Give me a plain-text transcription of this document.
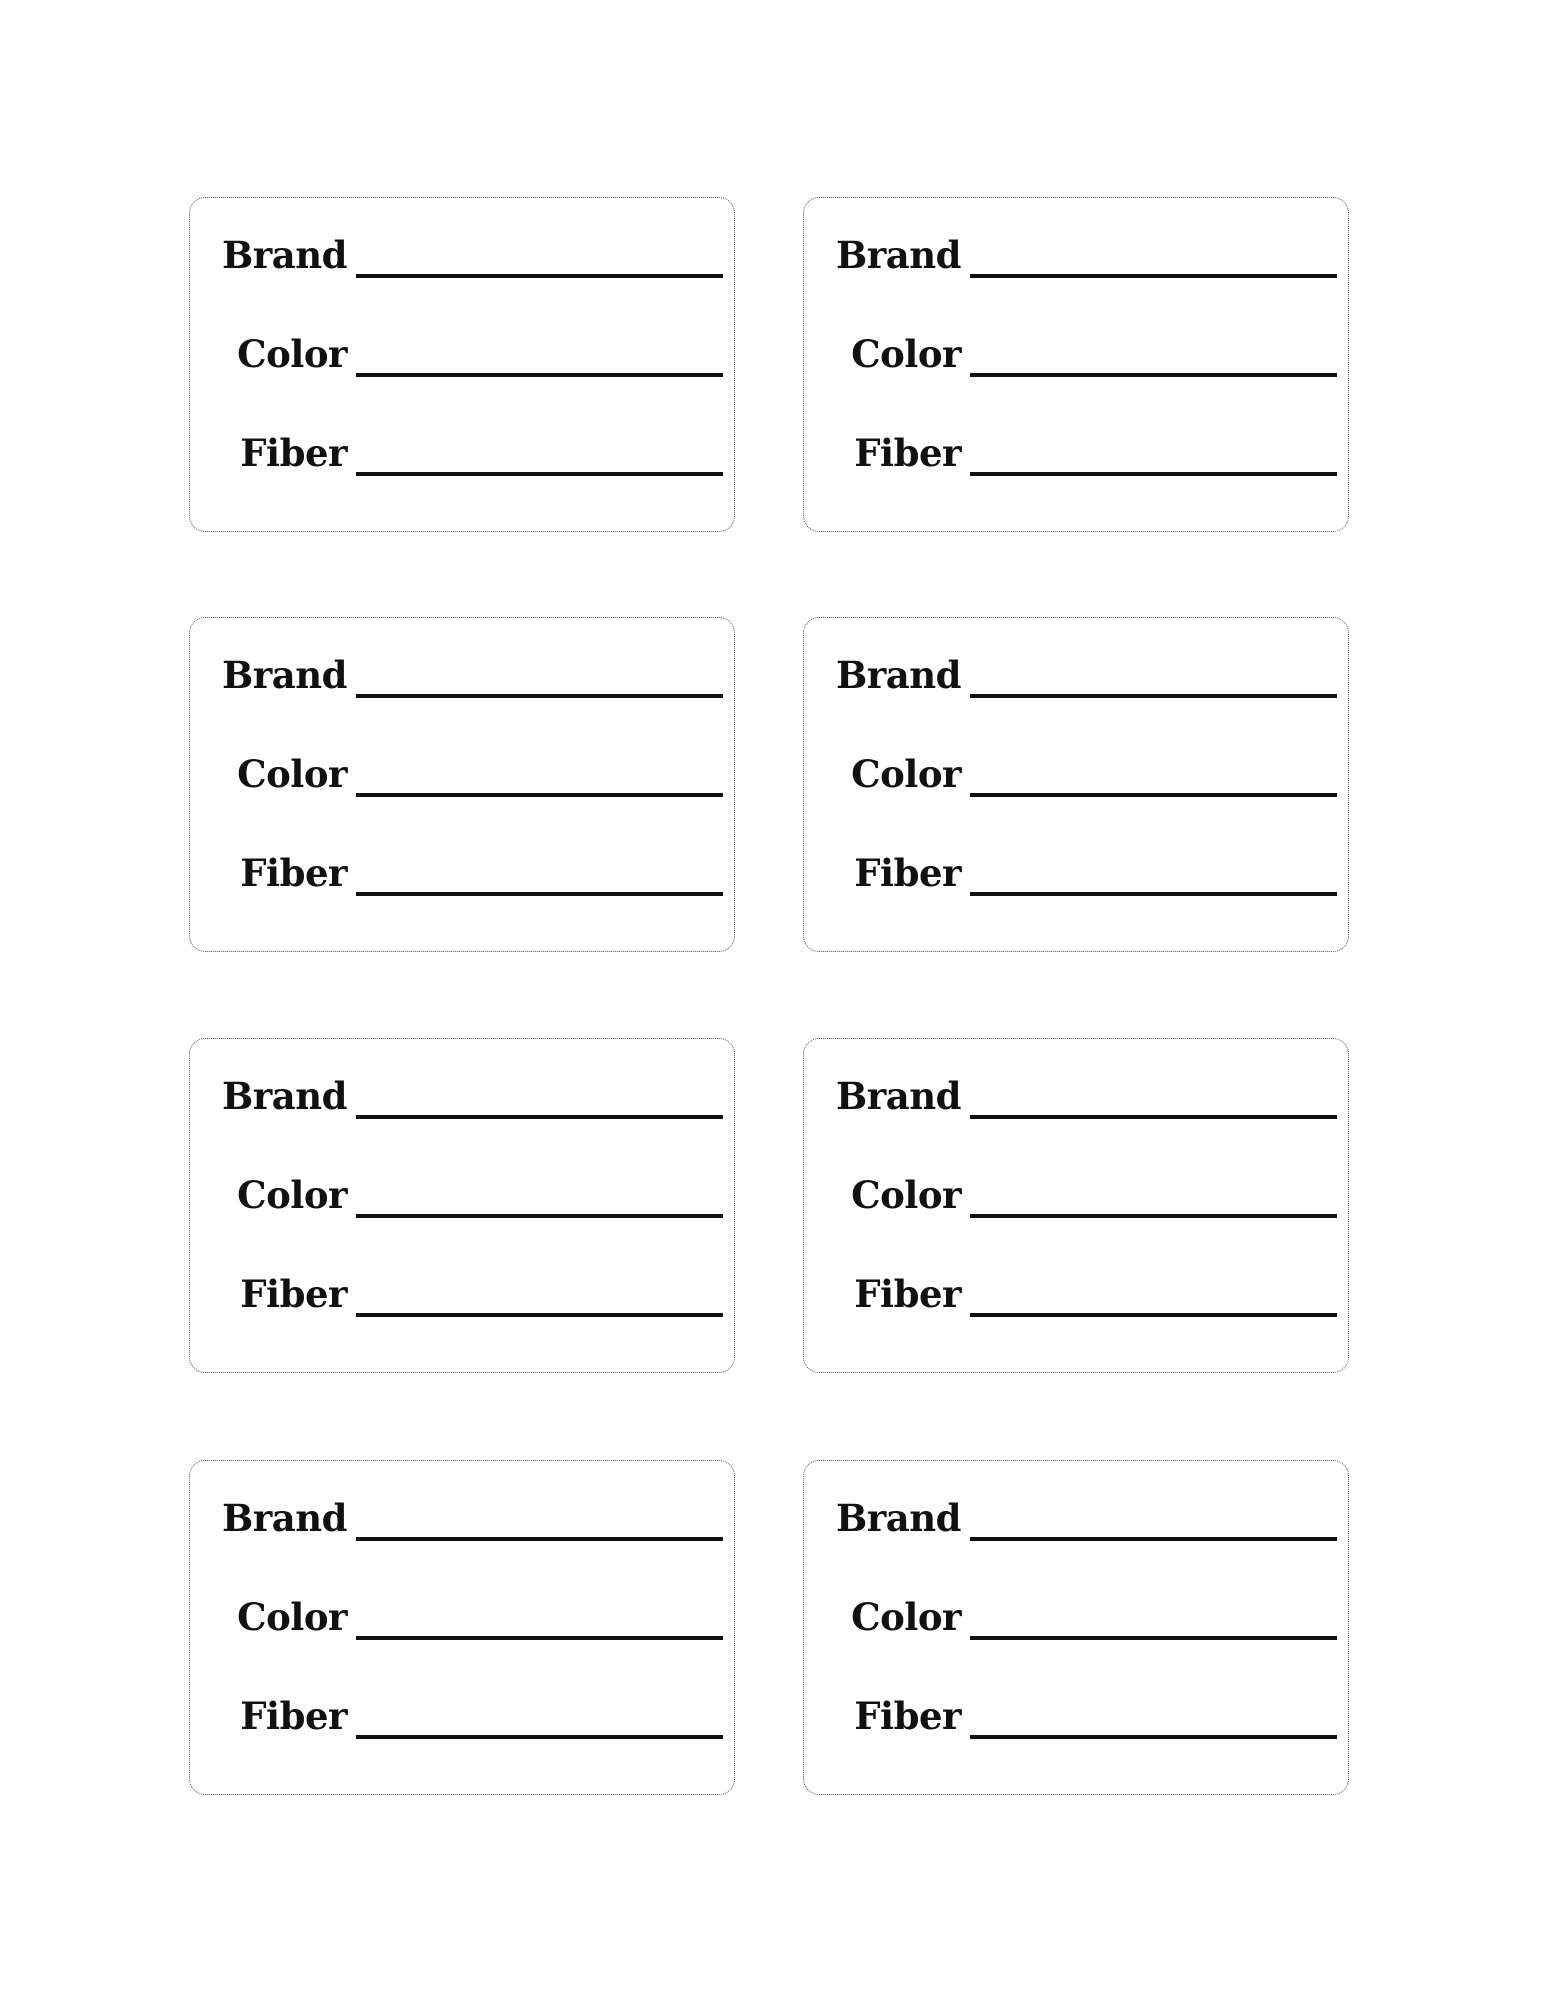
Brand
Color
Fiber
Brand
Color
Fiber
Brand
Color
Fiber
Brand
Color
Fiber
Brand
Color
Fiber
Brand
Color
Fiber
Brand
Color
Fiber
Brand
Color
Fiber
